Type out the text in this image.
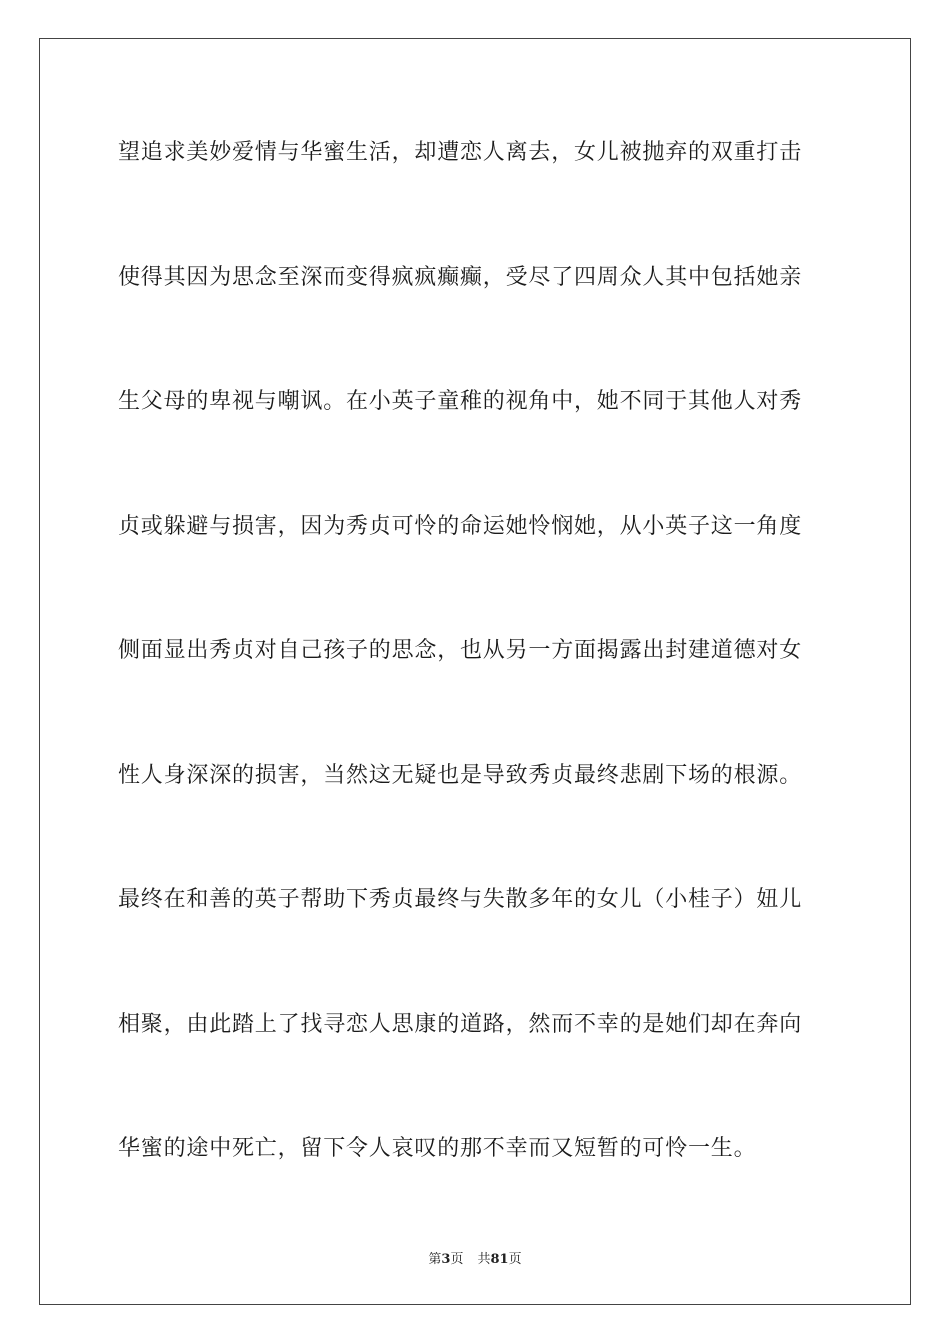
望追求美妙爱情与华蜜生活，却遭恋人离去，女儿被抛弃的双重打击
使得其因为思念至深而变得疯疯癫癫，受尽了四周众人其中包括她亲
生父母的卑视与嘲讽。在小英子童稚的视角中，她不同于其他人对秀
贞或躲避与损害，因为秀贞可怜的命运她怜悯她，从小英子这一角度
侧面显出秀贞对自己孩子的思念，也从另一方面揭露出封建道德对女
性人身深深的损害，当然这无疑也是导致秀贞最终悲剧下场的根源。
最终在和善的英子帮助下秀贞最终与失散多年的女儿（小桂子）妞儿
相聚，由此踏上了找寻恋人思康的道路，然而不幸的是她们却在奔向
华蜜的途中死亡，留下令人哀叹的那不幸而又短暂的可怜一生。
第3页 共81页
